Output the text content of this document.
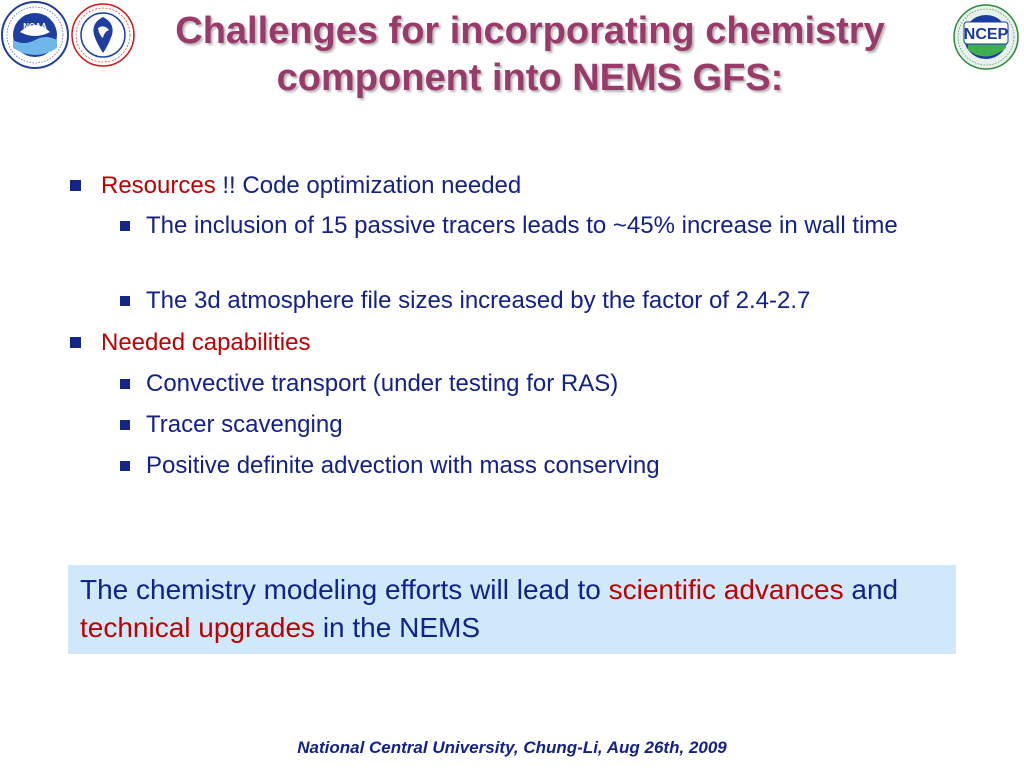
NOAA	NCEP
Challenges for incorporating chemistry
component into NEMS GFS:
Resources !! Code optimization needed
The inclusion of 15 passive tracers leads to ~45% increase in wall time
The 3d atmosphere file sizes increased by the factor of 2.4-2.7
Needed capabilities
Convective transport (under testing for RAS)
Tracer scavenging
Positive definite advection with mass conserving
The chemistry modeling efforts will lead to scientific advances and technical upgrades in the NEMS
National Central University, Chung-Li, Aug 26th, 2009
